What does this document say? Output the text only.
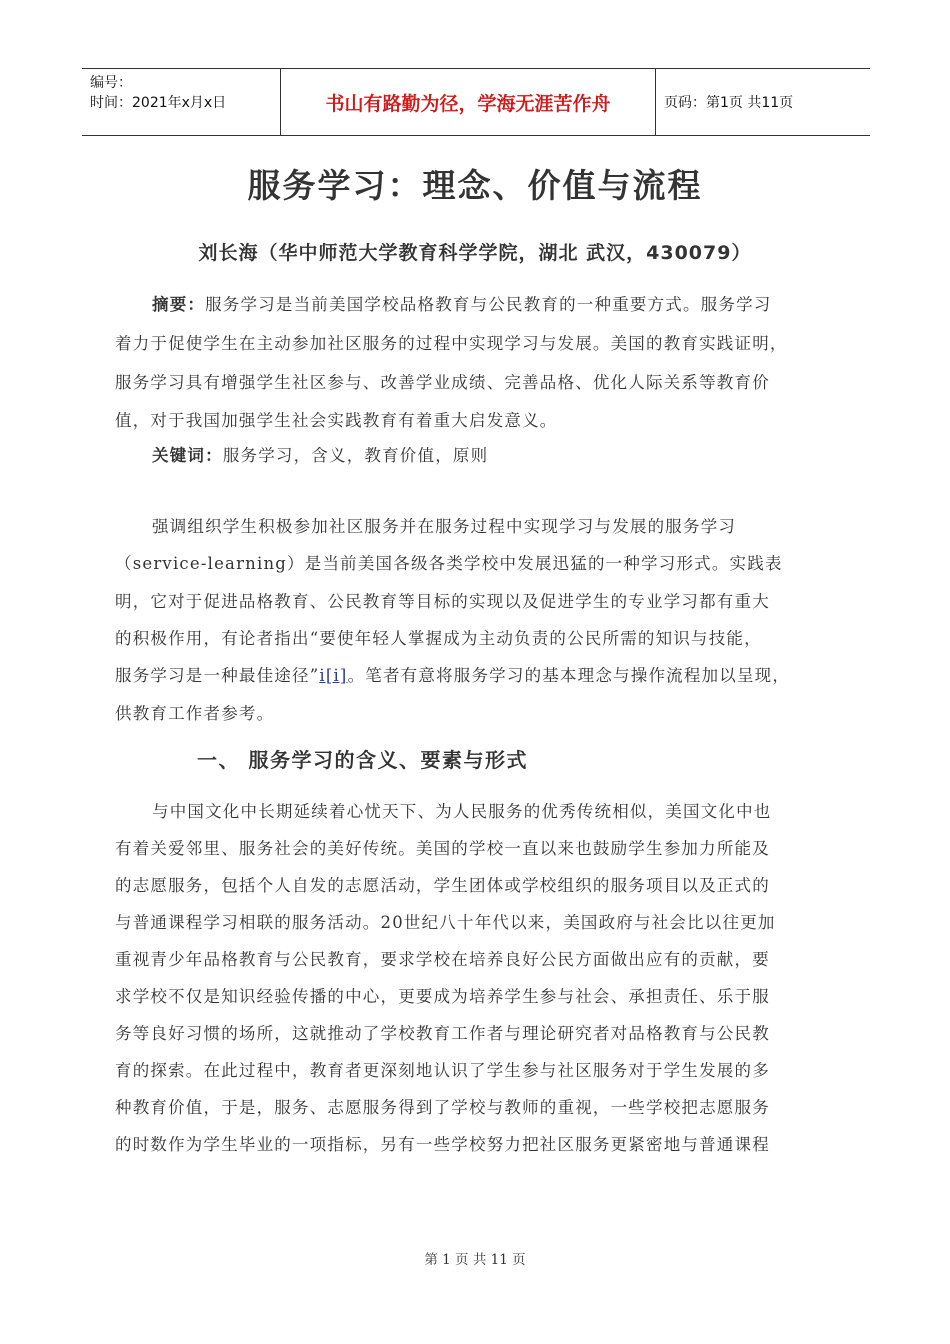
编号：
时间：2021年x月x日	书山有路勤为径，学海无涯苦作舟	页码：第1页 共11页
服务学习：理念、价值与流程
刘长海（华中师范大学教育科学学院，湖北 武汉，430079）
摘要：服务学习是当前美国学校品格教育与公民教育的一种重要方式。服务学习
着力于促使学生在主动参加社区服务的过程中实现学习与发展。美国的教育实践证明，
服务学习具有增强学生社区参与、改善学业成绩、完善品格、优化人际关系等教育价
值，对于我国加强学生社会实践教育有着重大启发意义。
关键词：服务学习，含义，教育价值，原则
强调组织学生积极参加社区服务并在服务过程中实现学习与发展的服务学习
（service-learning）是当前美国各级各类学校中发展迅猛的一种学习形式。实践表
明，它对于促进品格教育、公民教育等目标的实现以及促进学生的专业学习都有重大
的积极作用，有论者指出“要使年轻人掌握成为主动负责的公民所需的知识与技能，
服务学习是一种最佳途径”i[i]。笔者有意将服务学习的基本理念与操作流程加以呈现，
供教育工作者参考。
一、 服务学习的含义、要素与形式
与中国文化中长期延续着心忧天下、为人民服务的优秀传统相似，美国文化中也
有着关爱邻里、服务社会的美好传统。美国的学校一直以来也鼓励学生参加力所能及
的志愿服务，包括个人自发的志愿活动，学生团体或学校组织的服务项目以及正式的
与普通课程学习相联的服务活动。20世纪八十年代以来，美国政府与社会比以往更加
重视青少年品格教育与公民教育，要求学校在培养良好公民方面做出应有的贡献，要
求学校不仅是知识经验传播的中心，更要成为培养学生参与社会、承担责任、乐于服
务等良好习惯的场所，这就推动了学校教育工作者与理论研究者对品格教育与公民教
育的探索。在此过程中，教育者更深刻地认识了学生参与社区服务对于学生发展的多
种教育价值，于是，服务、志愿服务得到了学校与教师的重视，一些学校把志愿服务
的时数作为学生毕业的一项指标，另有一些学校努力把社区服务更紧密地与普通课程
第 1 页 共 11 页
